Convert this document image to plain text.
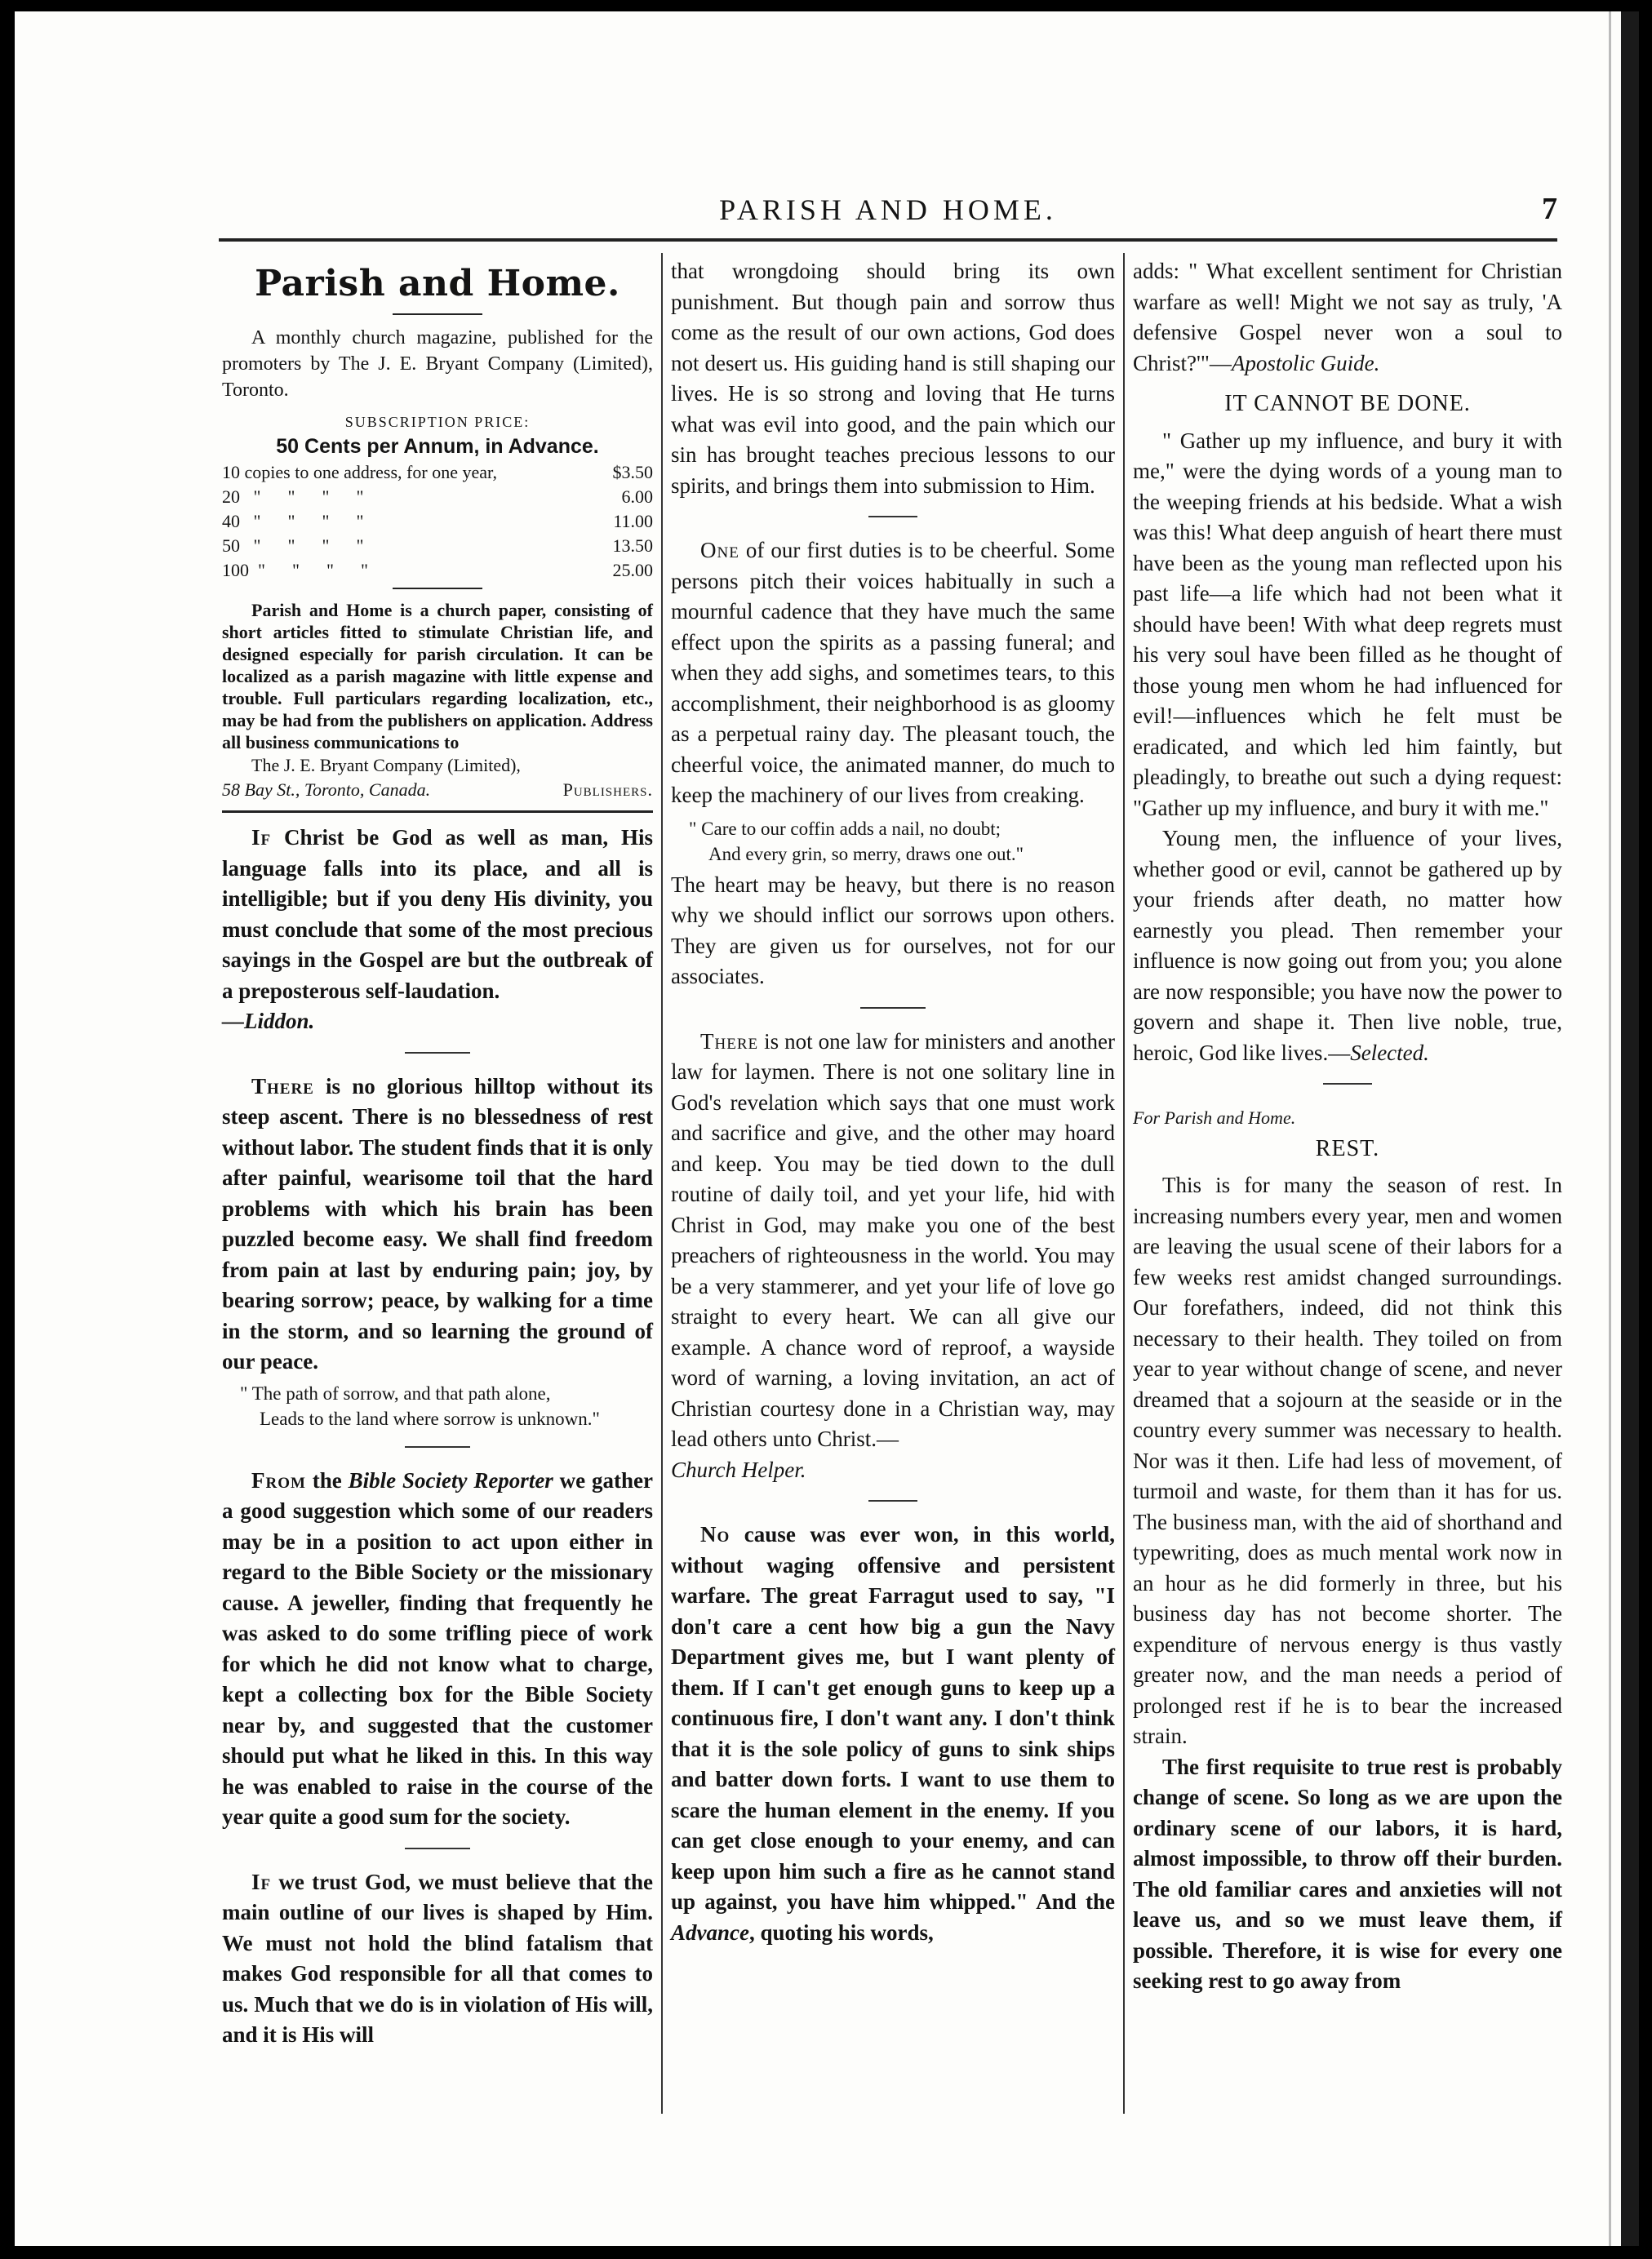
PARISH AND HOME.	7
Parish and Home.

A monthly church magazine, published for the promoters by The J. E. Bryant Company (Limited), Toronto.

SUBSCRIPTION PRICE:
50 Cents per Annum, in Advance.
10 copies to one address, for one year,	$3.50
20 "      "      "      "	6.00
40 "      "      "      "	11.00
50 "      "      "      "	13.50
100 "      "      "      "	25.00

Parish and Home is a church paper, consisting of short articles fitted to stimulate Christian life, and designed especially for parish circulation. It can be localized as a parish magazine with little expense and trouble. Full particulars regarding localization, etc., may be had from the publishers on application. Address all business communications to

The J. E. Bryant Company (Limited),

58 Bay St., Toronto, Canada.	Publishers.

If Christ be God as well as man, His language falls into its place, and all is intelligible; but if you deny His divinity, you must conclude that some of the most precious sayings in the Gospel are but the outbreak of a preposterous self-laudation.
—Liddon.

There is no glorious hilltop without its steep ascent. There is no blessedness of rest without labor. The student finds that it is only after painful, wearisome toil that the hard problems with which his brain has been puzzled become easy. We shall find freedom from pain at last by enduring pain; joy, by bearing sorrow; peace, by walking for a time in the storm, and so learning the ground of our peace.

" The path of sorrow, and that path alone,
Leads to the land where sorrow is unknown."

From the Bible Society Reporter we gather a good suggestion which some of our readers may be in a position to act upon either in regard to the Bible Society or the missionary cause. A jeweller, finding that frequently he was asked to do some trifling piece of work for which he did not know what to charge, kept a collecting box for the Bible Society near by, and suggested that the customer should put what he liked in this. In this way he was enabled to raise in the course of the year quite a good sum for the society.

If we trust God, we must believe that the main outline of our lives is shaped by Him. We must not hold the blind fatalism that makes God responsible for all that comes to us. Much that we do is in violation of His will, and it is His will

that wrongdoing should bring its own punishment. But though pain and sorrow thus come as the result of our own actions, God does not desert us. His guiding hand is still shaping our lives. He is so strong and loving that He turns what was evil into good, and the pain which our sin has brought teaches precious lessons to our spirits, and brings them into submission to Him.

One of our first duties is to be cheerful. Some persons pitch their voices habitually in such a mournful cadence that they have much the same effect upon the spirits as a passing funeral; and when they add sighs, and sometimes tears, to this accomplishment, their neighborhood is as gloomy as a perpetual rainy day. The pleasant touch, the cheerful voice, the animated manner, do much to keep the machinery of our lives from creaking.

" Care to our coffin adds a nail, no doubt;
And every grin, so merry, draws one out."

The heart may be heavy, but there is no reason why we should inflict our sorrows upon others. They are given us for ourselves, not for our associates.

There is not one law for ministers and another law for laymen. There is not one solitary line in God's revelation which says that one must work and sacrifice and give, and the other may hoard and keep. You may be tied down to the dull routine of daily toil, and yet your life, hid with Christ in God, may make you one of the best preachers of righteousness in the world. You may be a very stammerer, and yet your life of love go straight to every heart. We can all give our example. A chance word of reproof, a wayside word of warning, a loving invitation, an act of Christian courtesy done in a Christian way, may lead others unto Christ.—
Church Helper.

No cause was ever won, in this world, without waging offensive and persistent warfare. The great Farragut used to say, "I don't care a cent how big a gun the Navy Department gives me, but I want plenty of them. If I can't get enough guns to keep up a continuous fire, I don't want any. I don't think that it is the sole policy of guns to sink ships and batter down forts. I want to use them to scare the human element in the enemy. If you can get close enough to your enemy, and can keep upon him such a fire as he cannot stand up against, you have him whipped." And the Advance, quoting his words,

adds: " What excellent sentiment for Christian warfare as well! Might we not say as truly, 'A defensive Gospel never won a soul to Christ?'"—Apostolic Guide.

IT CANNOT BE DONE.

" Gather up my influence, and bury it with me," were the dying words of a young man to the weeping friends at his bedside. What a wish was this! What deep anguish of heart there must have been as the young man reflected upon his past life—a life which had not been what it should have been! With what deep regrets must his very soul have been filled as he thought of those young men whom he had influenced for evil!—influences which he felt must be eradicated, and which led him faintly, but pleadingly, to breathe out such a dying request: "Gather up my influence, and bury it with me."

Young men, the influence of your lives, whether good or evil, cannot be gathered up by your friends after death, no matter how earnestly you plead. Then remember your influence is now going out from you; you alone are now responsible; you have now the power to govern and shape it. Then live noble, true, heroic, God like lives.—Selected.

For Parish and Home.
REST.

This is for many the season of rest. In increasing numbers every year, men and women are leaving the usual scene of their labors for a few weeks rest amidst changed surroundings. Our forefathers, indeed, did not think this necessary to their health. They toiled on from year to year without change of scene, and never dreamed that a sojourn at the seaside or in the country every summer was necessary to health. Nor was it then. Life had less of movement, of turmoil and waste, for them than it has for us. The business man, with the aid of shorthand and typewriting, does as much mental work now in an hour as he did formerly in three, but his business day has not become shorter. The expenditure of nervous energy is thus vastly greater now, and the man needs a period of prolonged rest if he is to bear the increased strain.

The first requisite to true rest is probably change of scene. So long as we are upon the ordinary scene of our labors, it is hard, almost impossible, to throw off their burden. The old familiar cares and anxieties will not leave us, and so we must leave them, if possible. Therefore, it is wise for every one seeking rest to go away from
